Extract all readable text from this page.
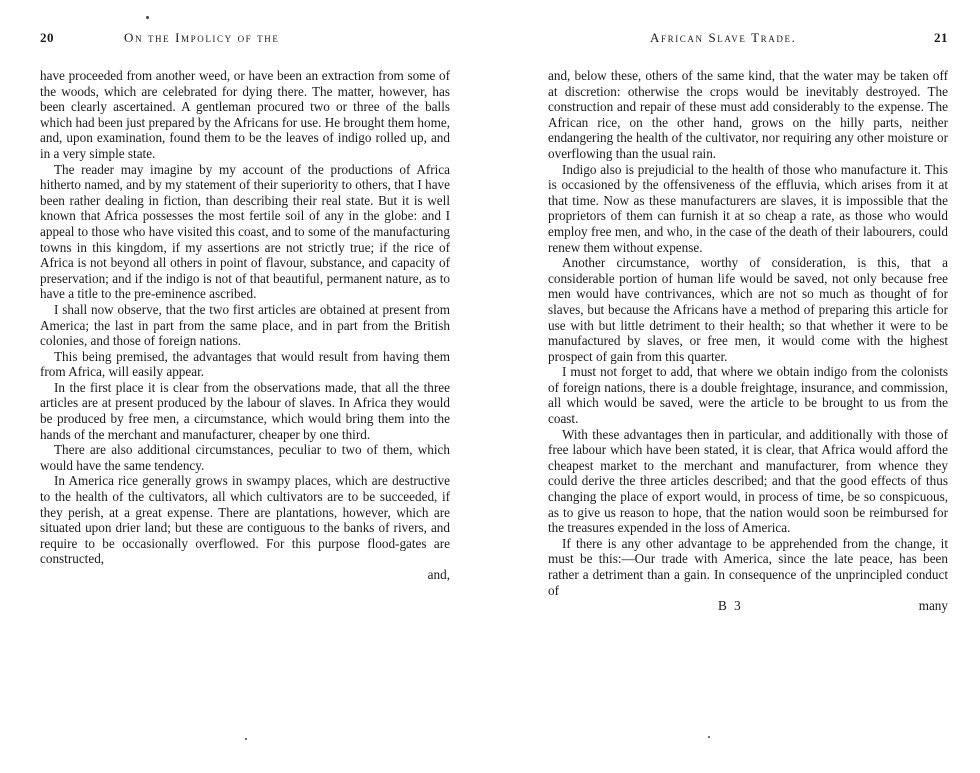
20	On the Impolicy of the

have proceeded from another weed, or have been an extraction from some of the woods, which are celebrated for dying there. The matter, however, has been clearly ascertained. A gentleman procured two or three of the balls which had been just prepared by the Africans for use. He brought them home, and, upon examination, found them to be the leaves of indigo rolled up, and in a very simple state.

The reader may imagine by my account of the productions of Africa hitherto named, and by my statement of their superiority to others, that I have been rather dealing in fiction, than describing their real state. But it is well known that Africa possesses the most fertile soil of any in the globe: and I appeal to those who have visited this coast, and to some of the manufacturing towns in this kingdom, if my assertions are not strictly true; if the rice of Africa is not beyond all others in point of flavour, substance, and capacity of preservation; and if the indigo is not of that beautiful, permanent nature, as to have a title to the pre-eminence ascribed.

I shall now observe, that the two first articles are obtained at present from America; the last in part from the same place, and in part from the British colonies, and those of foreign nations.

This being premised, the advantages that would result from having them from Africa, will easily appear.

In the first place it is clear from the observations made, that all the three articles are at present produced by the labour of slaves. In Africa they would be produced by free men, a circumstance, which would bring them into the hands of the merchant and manufacturer, cheaper by one third.

There are also additional circumstances, peculiar to two of them, which would have the same tendency.

In America rice generally grows in swampy places, which are destructive to the health of the cultivators, all which cultivators are to be succeeded, if they perish, at a great expense. There are plantations, however, which are situated upon drier land; but these are contiguous to the banks of rivers, and require to be occasionally overflowed. For this purpose flood-gates are constructed,

and,
African Slave Trade.	21

and, below these, others of the same kind, that the water may be taken off at discretion: otherwise the crops would be inevitably destroyed. The construction and repair of these must add considerably to the expense. The African rice, on the other hand, grows on the hilly parts, neither endangering the health of the cultivator, nor requiring any other moisture or overflowing than the usual rain.

Indigo also is prejudicial to the health of those who manufacture it. This is occasioned by the offensiveness of the effluvia, which arises from it at that time. Now as these manufacturers are slaves, it is impossible that the proprietors of them can furnish it at so cheap a rate, as those who would employ free men, and who, in the case of the death of their labourers, could renew them without expense.

Another circumstance, worthy of consideration, is this, that a considerable portion of human life would be saved, not only because free men would have contrivances, which are not so much as thought of for slaves, but because the Africans have a method of preparing this article for use with but little detriment to their health; so that whether it were to be manufactured by slaves, or free men, it would come with the highest prospect of gain from this quarter.

I must not forget to add, that where we obtain indigo from the colonists of foreign nations, there is a double freightage, insurance, and commission, all which would be saved, were the article to be brought to us from the coast.

With these advantages then in particular, and additionally with those of free labour which have been stated, it is clear, that Africa would afford the cheapest market to the merchant and manufacturer, from whence they could derive the three articles described; and that the good effects of thus changing the place of export would, in process of time, be so conspicuous, as to give us reason to hope, that the nation would soon be reimbursed for the treasures expended in the loss of America.

If there is any other advantage to be apprehended from the change, it must be this:—Our trade with America, since the late peace, has been rather a detriment than a gain. In consequence of the unprincipled conduct of

B 3	many
